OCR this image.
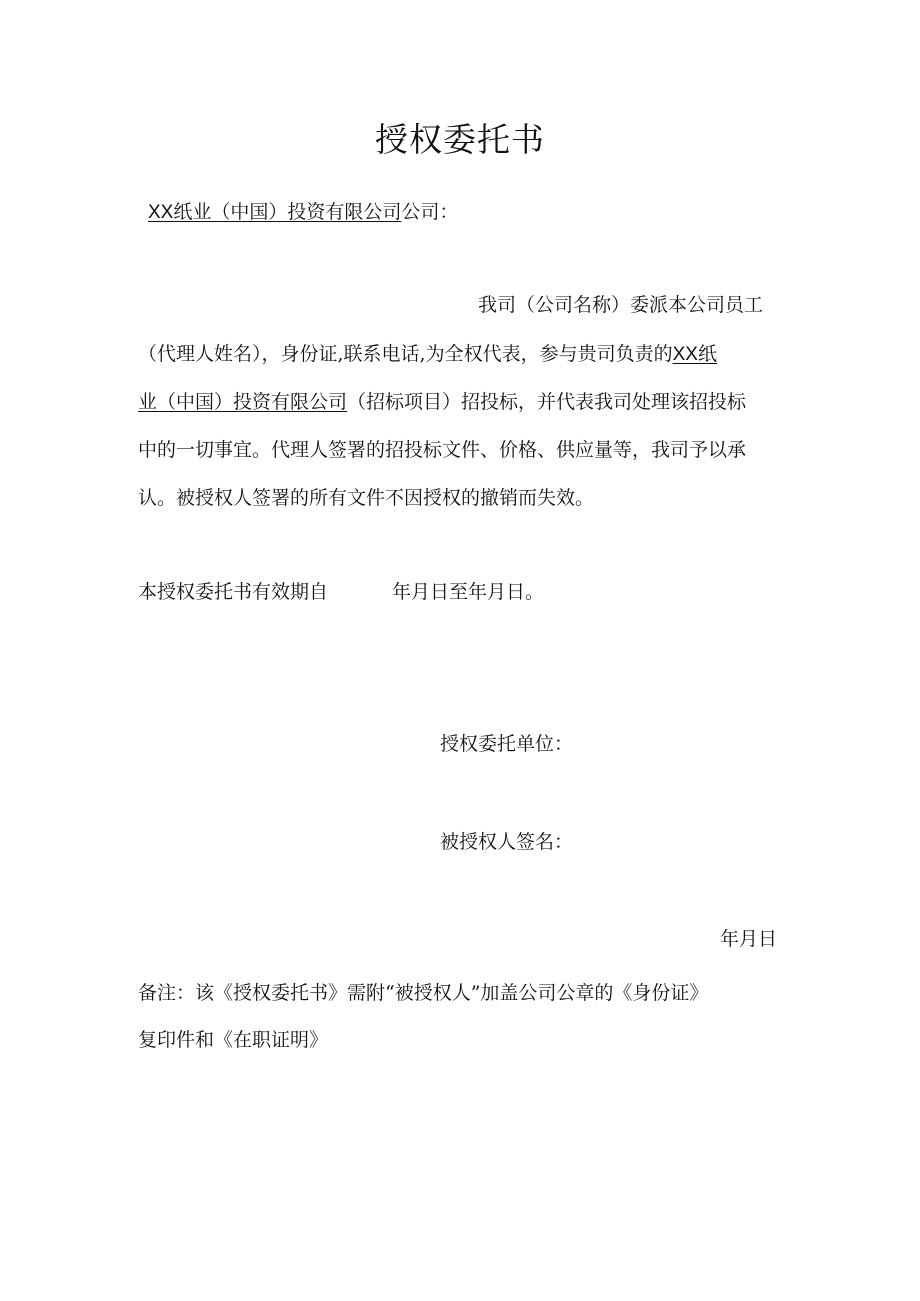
授权委托书
XX纸业（中国）投资有限公司公司：
我司（公司名称）委派本公司员工
（代理人姓名），身份证,联系电话,为全权代表，参与贵司负责的XX纸
业（中国）投资有限公司（招标项目）招投标，并代表我司处理该招投标
中的一切事宜。代理人签署的招投标文件、价格、供应量等，我司予以承
认。被授权人签署的所有文件不因授权的撤销而失效。
本授权委托书有效期自	年月日至年月日。
授权委托单位：
被授权人签名：
年月日
备注：该《授权委托书》需附“被授权人”加盖公司公章的《身份证》
复印件和《在职证明》
